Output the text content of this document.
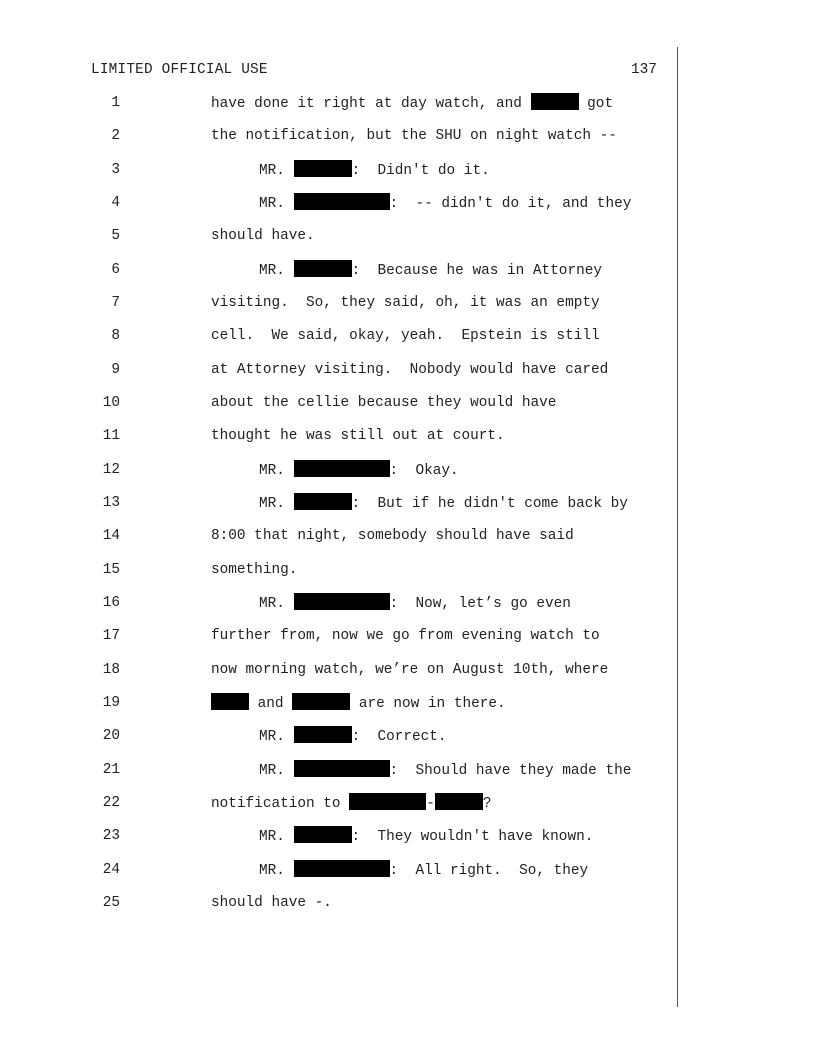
LIMITED OFFICIAL USE	137
1	have done it right at day watch, and	got
2	the notification, but the SHU on night watch --
3	MR.	:  Didn't do it.
4	MR.	:  -- didn't do it, and they
5	should have.
6	MR.	:  Because he was in Attorney
7	visiting.  So, they said, oh, it was an empty
8	cell.  We said, okay, yeah.  Epstein is still
9	at Attorney visiting.  Nobody would have cared
10	about the cellie because they would have
11	thought he was still out at court.
12	MR.	:  Okay.
13	MR.	:  But if he didn't come back by
14	8:00 that night, somebody should have said
15	something.
16	MR.	:  Now, let’s go even
17	further from, now we go from evening watch to
18	now morning watch, we’re on August 10th, where
19	and	are now in there.
20	MR.	:  Correct.
21	MR.	:  Should have they made the
22	notification to	-	?
23	MR.	:  They wouldn't have known.
24	MR.	:  All right.  So, they
25	should have -.
